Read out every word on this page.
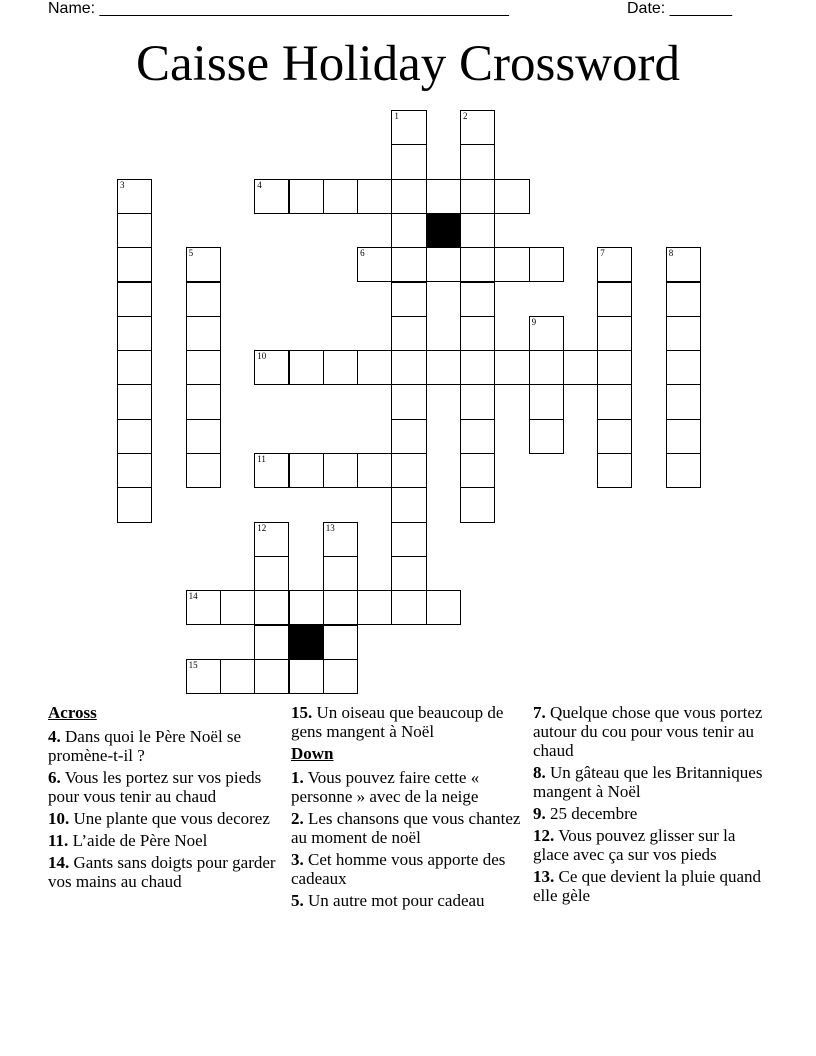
Name: ______________________________________________	Date: _______
Caisse Holiday Crossword
1	2
3	4
5	6	7	8
9
10
11
12	13
14
15
Across
4. Dans quoi le Père Noël se promène-t-il ?
6. Vous les portez sur vos pieds pour vous tenir au chaud
10. Une plante que vous decorez
11. L’aide de Père Noel
14. Gants sans doigts pour garder vos mains au chaud
15. Un oiseau que beaucoup de gens mangent à Noël
Down
1. Vous pouvez faire cette « personne » avec de la neige
2. Les chansons que vous chantez au moment de noël
3. Cet homme vous apporte des cadeaux
5. Un autre mot pour cadeau
7. Quelque chose que vous portez autour du cou pour vous tenir au chaud
8. Un gâteau que les Britanniques mangent à Noël
9. 25 decembre
12. Vous pouvez glisser sur la glace avec ça sur vos pieds
13. Ce que devient la pluie quand elle gèle
